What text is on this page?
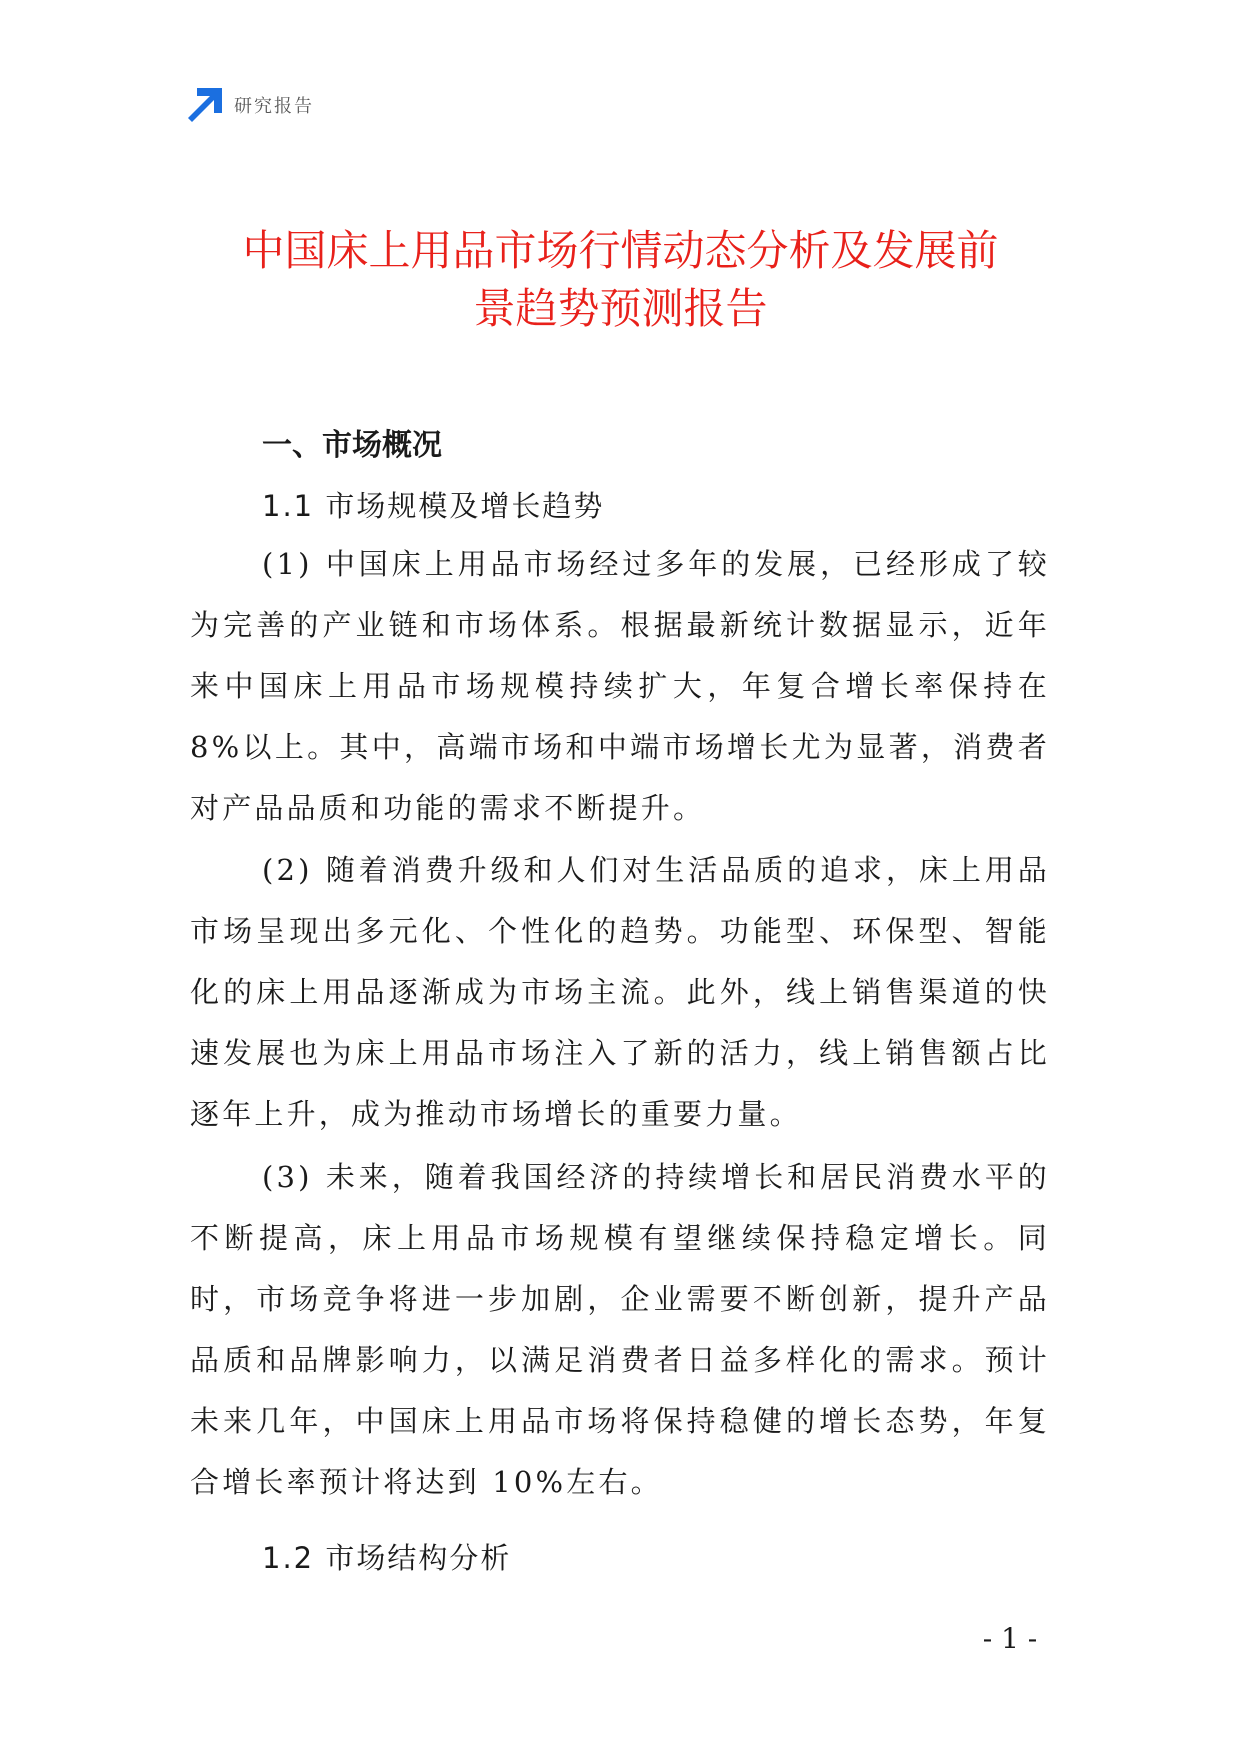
研究报告
中国床上用品市场行情动态分析及发展前
景趋势预测报告
一、市场概况
1.1 市场规模及增长趋势

(1) 中国床上用品市场经过多年的发展，已经形成了较为完善的产业链和市场体系。根据最新统计数据显示，近年来中国床上用品市场规模持续扩大，年复合增长率保持在 8%以上。其中，高端市场和中端市场增长尤为显著，消费者对产品品质和功能的需求不断提升。

(2) 随着消费升级和人们对生活品质的追求，床上用品市场呈现出多元化、个性化的趋势。功能型、环保型、智能化的床上用品逐渐成为市场主流。此外，线上销售渠道的快速发展也为床上用品市场注入了新的活力，线上销售额占比逐年上升，成为推动市场增长的重要力量。

(3) 未来，随着我国经济的持续增长和居民消费水平的不断提高，床上用品市场规模有望继续保持稳定增长。同时，市场竞争将进一步加剧，企业需要不断创新，提升产品品质和品牌影响力，以满足消费者日益多样化的需求。预计未来几年，中国床上用品市场将保持稳健的增长态势，年复合增长率预计将达到 10%左右。

1.2 市场结构分析
- 1 -
